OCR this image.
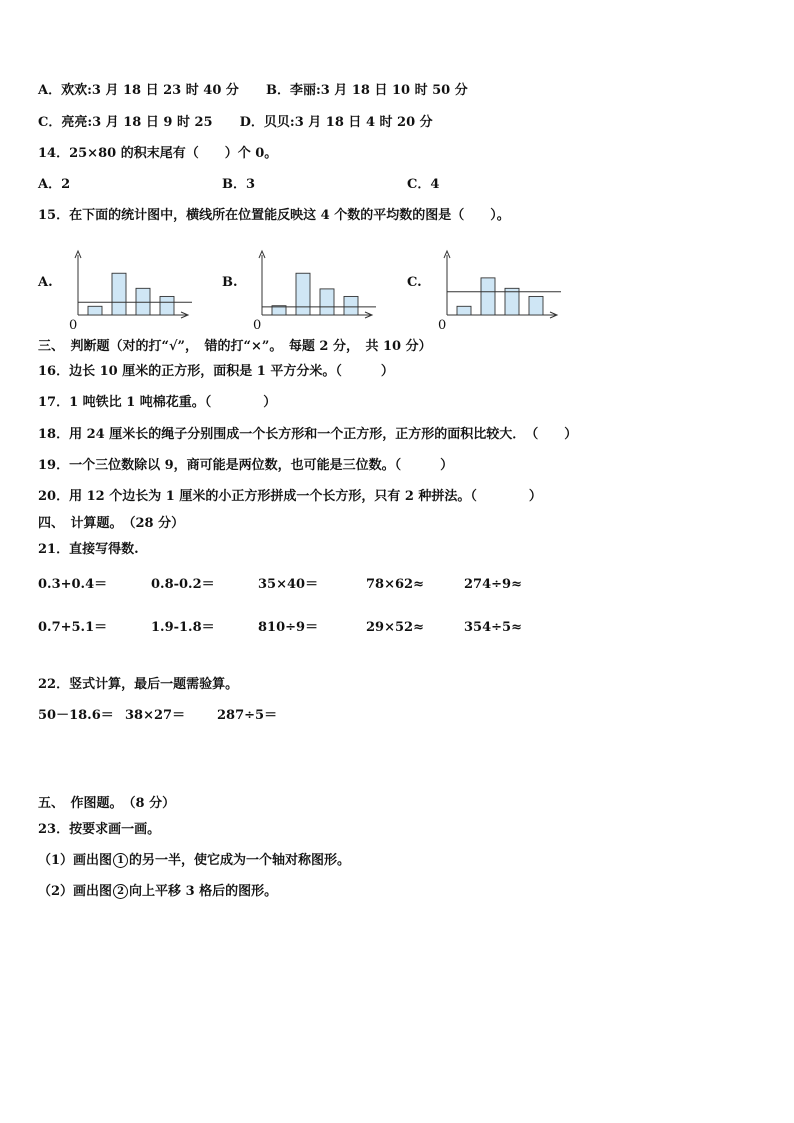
A．欢欢:3 月 18 日 23 时 40 分 B．李丽:3 月 18 日 10 时 50 分
C．亮亮:3 月 18 日 9 时 25 D．贝贝:3 月 18 日 4 时 20 分
14．25×80 的积末尾有（　　）个 0。
A．2	B．3	C．4
15．在下面的统计图中，横线所在位置能反映这 4 个数的平均数的图是（　　）。
A.	B.	C.
0	0	0
三、　判断题（对的打“√”，　错的打“×”。　每题 2 分，　共 10 分）
16．边长 10 厘米的正方形，面积是 1 平方分米。（　　　）
17．1 吨铁比 1 吨棉花重。（　　　　）
18．用 24 厘米长的绳子分别围成一个长方形和一个正方形，正方形的面积比较大．　（　　）
19．一个三位数除以 9，商可能是两位数，也可能是三位数。（　　　）
20．用 12 个边长为 1 厘米的小正方形拼成一个长方形，只有 2 种拼法。（　　　　）
四、　计算题。　（28 分）
21．直接写得数.
0.3+0.4＝	0.8-0.2＝	35×40＝	78×62≈	274÷9≈
0.7+5.1＝	1.9-1.8＝	810÷9＝	29×52≈	354÷5≈
22．竖式计算，最后一题需验算。
50－18.6＝ 38×27＝ 287÷5＝
五、　作图题。　（8 分）
23．按要求画一画。
（1）画出图 1 的另一半，使它成为一个轴对称图形。
（2）画出图 2 向上平移 3 格后的图形。
